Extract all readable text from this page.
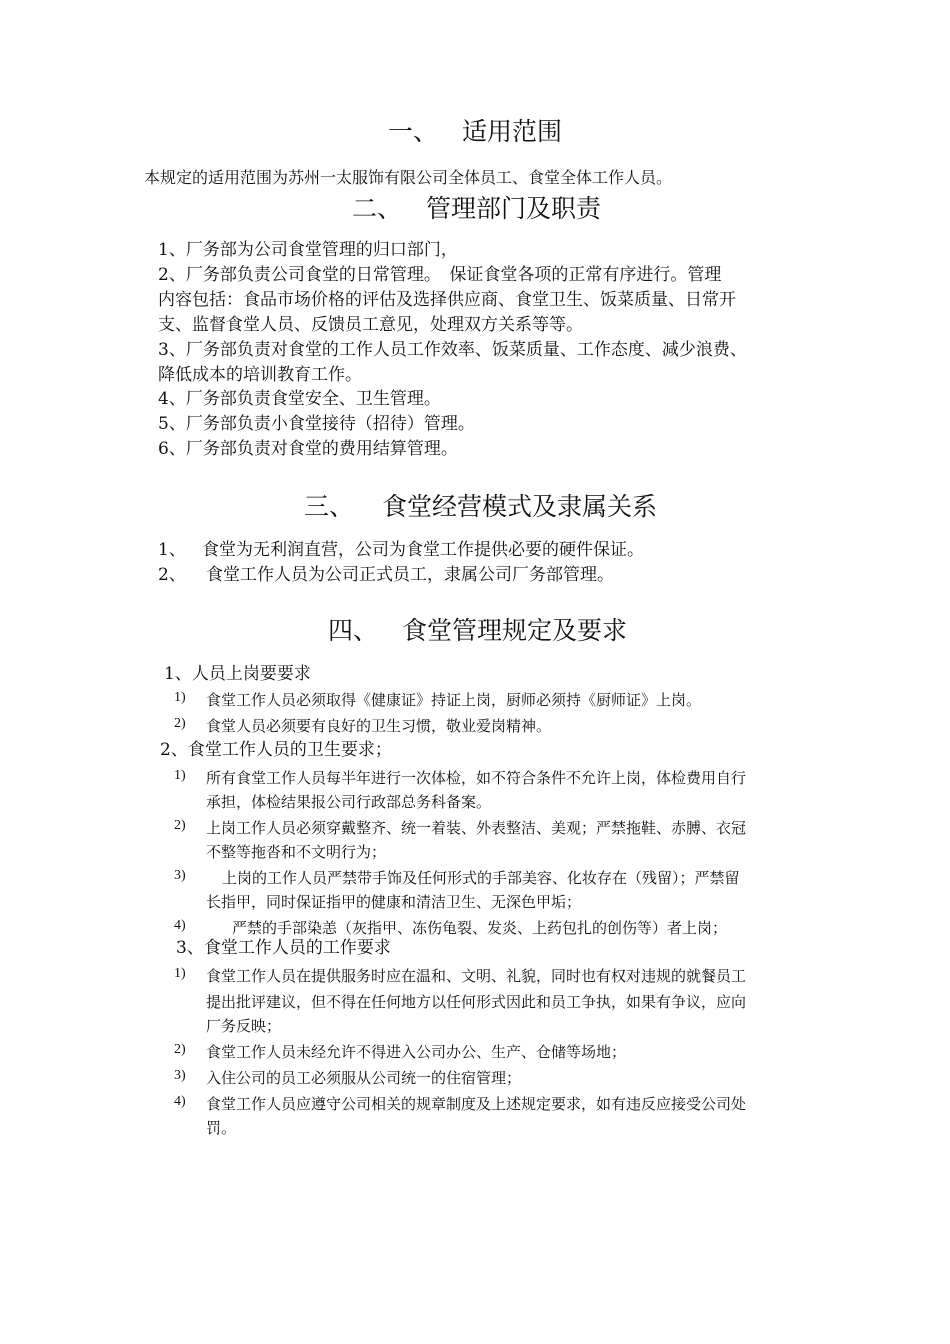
一、 适用范围
本规定的适用范围为苏州一太服饰有限公司全体员工、食堂全体工作人员。
二、 管理部门及职责
1、厂务部为公司食堂管理的归口部门，
2、厂务部负责公司食堂的日常管理。　保证食堂各项的正常有序进行。管理
内容包括：食品市场价格的评估及选择供应商、食堂卫生、饭菜质量、日常开
支、监督食堂人员、反馈员工意见，处理双方关系等等。
3、厂务部负责对食堂的工作人员工作效率、饭菜质量、工作态度、减少浪费、
降低成本的培训教育工作。
4、厂务部负责食堂安全、卫生管理。
5、厂务部负责小食堂接待（招待）管理。
6、厂务部负责对食堂的费用结算管理。
三、 食堂经营模式及隶属关系
1、 食堂为无利润直营，公司为食堂工作提供必要的硬件保证。
2、 食堂工作人员为公司正式员工，隶属公司厂务部管理。
四、 食堂管理规定及要求
1、人员上岗要要求
1) 食堂工作人员必须取得《健康证》持证上岗，厨师必须持《厨师证》上岗。
2) 食堂人员必须要有良好的卫生习惯，敬业爱岗精神。
2、食堂工作人员的卫生要求；
1) 所有食堂工作人员每半年进行一次体检，如不符合条件不允许上岗，体检费用自行
承担，体检结果报公司行政部总务科备案。
2) 上岗工作人员必须穿戴整齐、统一着装、外表整洁、美观；严禁拖鞋、赤膊、衣冠
不整等拖沓和不文明行为；
3) 上岗的工作人员严禁带手饰及任何形式的手部美容、化妆存在（残留）；严禁留
长指甲，同时保证指甲的健康和清洁卫生、无深色甲垢；
4)	严禁的手部染恙（灰指甲、冻伤龟裂、发炎、上药包扎的创伤等）者上岗；
3、食堂工作人员的工作要求
1) 食堂工作人员在提供服务时应在温和、文明、礼貌，同时也有权对违规的就餐员工
提出批评建议，但不得在任何地方以任何形式因此和员工争执，如果有争议，应向
厂务反映；
2) 食堂工作人员未经允许不得进入公司办公、生产、仓储等场地；
3) 入住公司的员工必须服从公司统一的住宿管理；
4) 食堂工作人员应遵守公司相关的规章制度及上述规定要求，如有违反应接受公司处
罚。
